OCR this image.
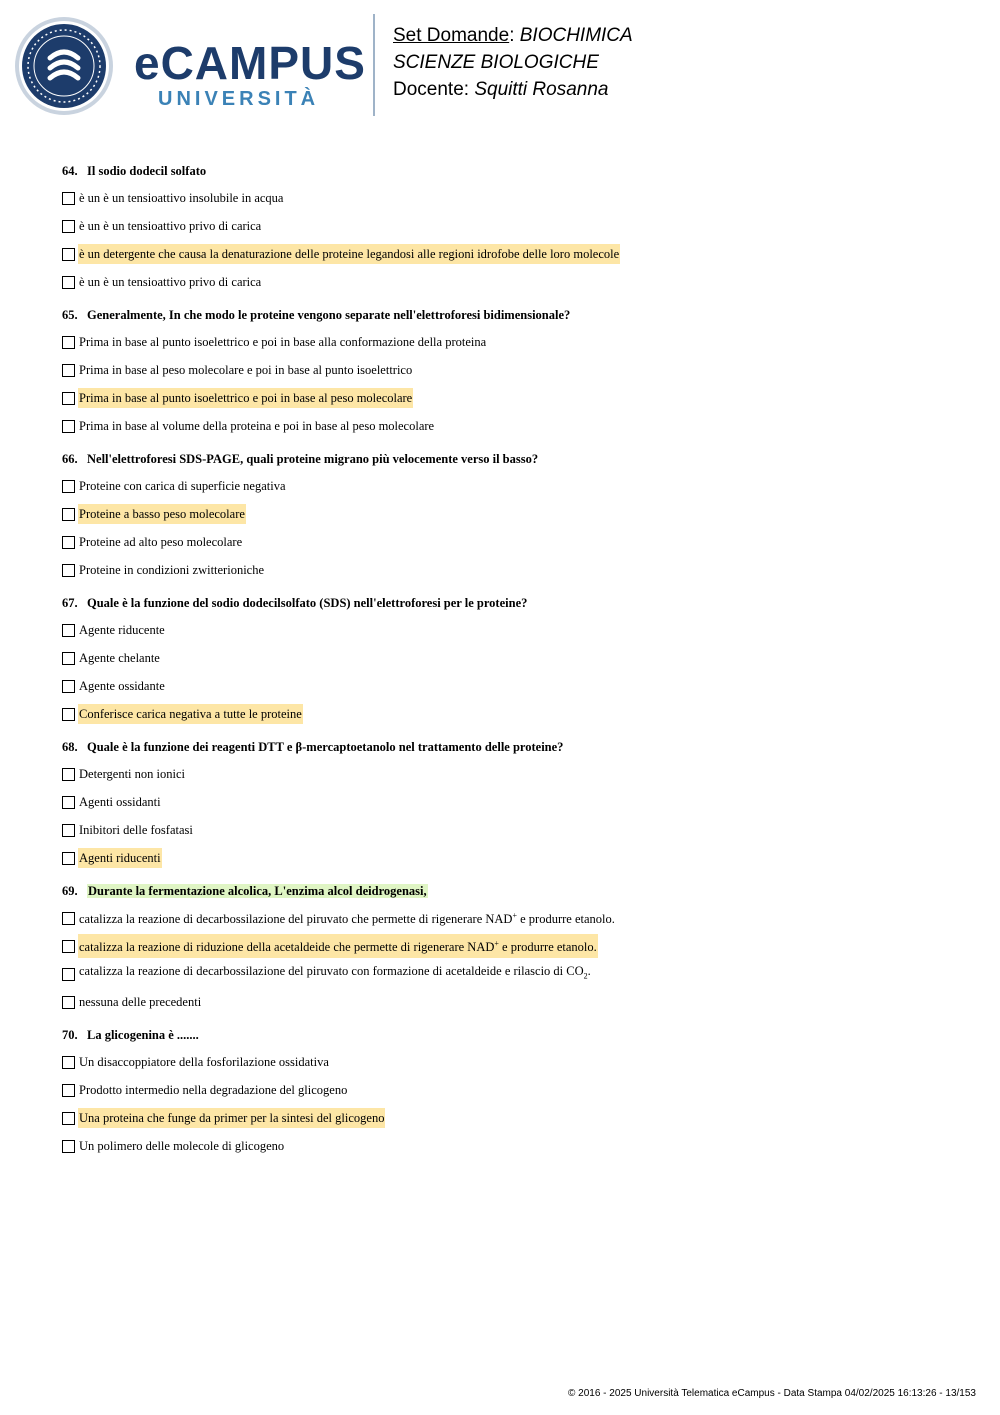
eCAMPUS
UNIVERSITÀ
Set Domande: BIOCHIMICA
SCIENZE BIOLOGICHE
Docente: Squitti Rosanna
64. Il sodio dodecil solfato
è un è un tensioattivo insolubile in acqua
è un è un tensioattivo privo di carica
è un detergente che causa la denaturazione delle proteine legandosi alle regioni idrofobe delle loro molecole
è un è un tensioattivo privo di carica
65. Generalmente, In che modo le proteine vengono separate nell'elettroforesi bidimensionale?
Prima in base al punto isoelettrico e poi in base alla conformazione della proteina
Prima in base al peso molecolare e poi in base al punto isoelettrico
Prima in base al punto isoelettrico e poi in base al peso molecolare
Prima in base al volume della proteina e poi in base al peso molecolare
66. Nell'elettroforesi SDS-PAGE, quali proteine migrano più velocemente verso il basso?
Proteine con carica di superficie negativa
Proteine a basso peso molecolare
Proteine ad alto peso molecolare
Proteine in condizioni zwitterioniche
67. Quale è la funzione del sodio dodecilsolfato (SDS) nell'elettroforesi per le proteine?
Agente riducente
Agente chelante
Agente ossidante
Conferisce carica negativa a tutte le proteine
68. Quale è la funzione dei reagenti DTT e β-mercaptoetanolo nel trattamento delle proteine?
Detergenti non ionici
Agenti ossidanti
Inibitori delle fosfatasi
Agenti riducenti
69. Durante la fermentazione alcolica, L'enzima alcol deidrogenasi,
catalizza la reazione di decarbossilazione del piruvato che permette di rigenerare NAD+ e produrre etanolo.
catalizza la reazione di riduzione della acetaldeide che permette di rigenerare NAD+ e produrre etanolo.
catalizza la reazione di decarbossilazione del piruvato con formazione di acetaldeide e rilascio di $CO_2$.
nessuna delle precedenti
70. La glicogenina è .......
Un disaccoppiatore della fosforilazione ossidativa
Prodotto intermedio nella degradazione del glicogeno
Una proteina che funge da primer per la sintesi del glicogeno
Un polimero delle molecole di glicogeno
© 2016 - 2025 Università Telematica eCampus - Data Stampa 04/02/2025 16:13:26 - 13/153
